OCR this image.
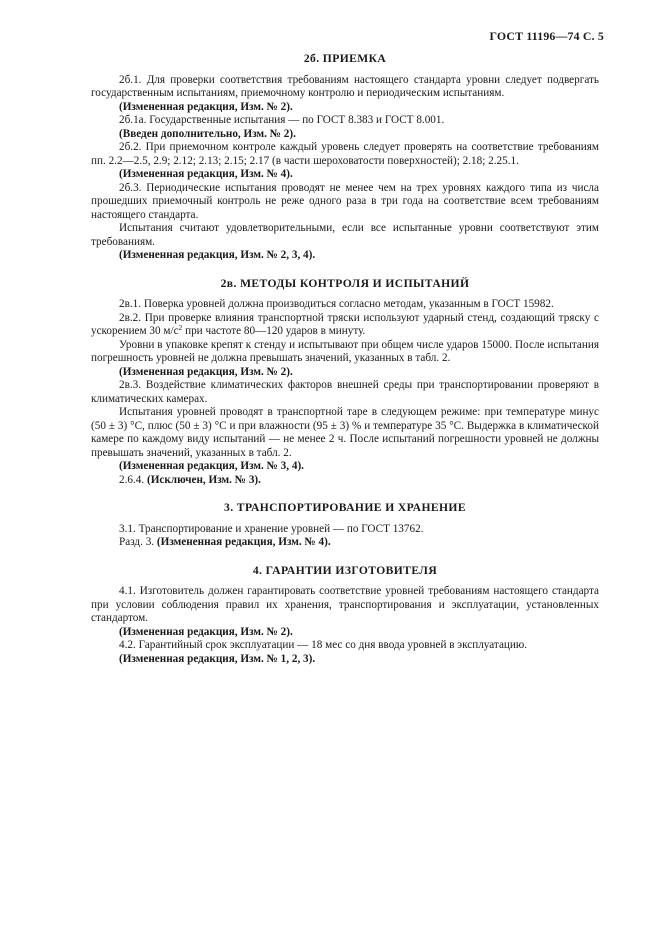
ГОСТ 11196—74 С. 5
2б. ПРИЕМКА

2б.1. Для проверки соответствия требованиям настоящего стандарта уровни следует подвергать государственным испытаниям, приемочному контролю и периодическим испытаниям.

(Измененная редакция, Изм. № 2).

2б.1а. Государственные испытания — по ГОСТ 8.383 и ГОСТ 8.001.

(Введен дополнительно, Изм. № 2).

2б.2. При приемочном контроле каждый уровень следует проверять на соответствие требованиям пп. 2.2—2.5, 2.9; 2.12; 2.13; 2.15; 2.17 (в части шероховатости поверхностей); 2.18; 2.25.1.

(Измененная редакция, Изм. № 4).

2б.3. Периодические испытания проводят не менее чем на трех уровнях каждого типа из числа прошедших приемочный контроль не реже одного раза в три года на соответствие всем требованиям настоящего стандарта.

Испытания считают удовлетворительными, если все испытанные уровни соответствуют этим требованиям.

(Измененная редакция, Изм. № 2, 3, 4).

2в. МЕТОДЫ КОНТРОЛЯ И ИСПЫТАНИЙ

2в.1. Поверка уровней должна производиться согласно методам, указанным в ГОСТ 15982.

2в.2. При проверке влияния транспортной тряски используют ударный стенд, создающий тряску с ускорением 30 $м/с^2$ при частоте 80—120 ударов в минуту.

Уровни в упаковке крепят к стенду и испытывают при общем числе ударов 15000. После испытания погрешность уровней не должна превышать значений, указанных в табл. 2.

(Измененная редакция, Изм. № 2).

2в.3. Воздействие климатических факторов внешней среды при транспортировании проверяют в климатических камерах.

Испытания уровней проводят в транспортной таре в следующем режиме: при температуре минус (50 ± 3) °С, плюс (50 ± 3) °С и при влажности (95 ± 3) % и температуре 35 °С. Выдержка в климатической камере по каждому виду испытаний — не менее 2 ч. После испытаний погрешности уровней не должны превышать значений, указанных в табл. 2.

(Измененная редакция, Изм. № 3, 4).

2.6.4. (Исключен, Изм. № 3).

3. ТРАНСПОРТИРОВАНИЕ И ХРАНЕНИЕ

3.1. Транспортирование и хранение уровней — по ГОСТ 13762.

Разд. 3. (Измененная редакция, Изм. № 4).

4. ГАРАНТИИ ИЗГОТОВИТЕЛЯ

4.1. Изготовитель должен гарантировать соответствие уровней требованиям настоящего стандарта при условии соблюдения правил их хранения, транспортирования и эксплуатации, установленных стандартом.

(Измененная редакция, Изм. № 2).

4.2. Гарантийный срок эксплуатации — 18 мес со дня ввода уровней в эксплуатацию.

(Измененная редакция, Изм. № 1, 2, 3).
